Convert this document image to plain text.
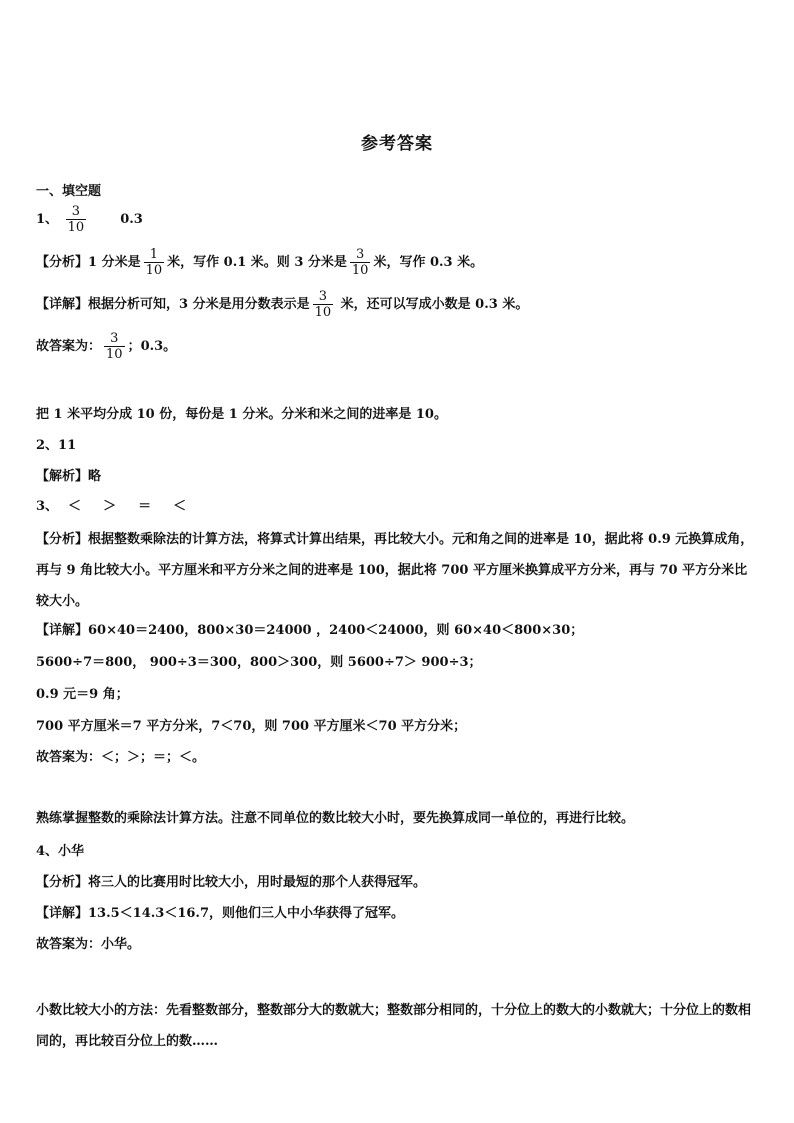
参考答案
一、填空题
1、 $\frac{3}{10}$	0.3
【分析】1 分米是 $\frac{1}{10}$ 米，写作 0.1 米。则 3 分米是 $\frac{3}{10}$ 米，写作 0.3 米。
【详解】根据分析可知，3 分米是用分数表示是 $\frac{3}{10}$ 米，还可以写成小数是 0.3 米。
故答案为： $\frac{3}{10}$ ；0.3。
把 1 米平均分成 10 份，每份是 1 分米。分米和米之间的进率是 10。
2、11
【解析】略
3、 ＜ ＞ ＝ ＜
【分析】根据整数乘除法的计算方法，将算式计算出结果，再比较大小。元和角之间的进率是 10，据此将 0.9 元换算成角，再与 9 角比较大小。平方厘米和平方分米之间的进率是 100，据此将 700 平方厘米换算成平方分米，再与 70 平方分米比较大小。
【详解】60×40＝2400，800×30＝24000 ，2400＜24000，则 60×40＜800×30；
5600÷7＝800， 900÷3＝300，800＞300，则 5600÷7＞ 900÷3；
0.9 元＝9 角；
700 平方厘米＝7 平方分米，7＜70，则 700 平方厘米＜70 平方分米；
故答案为：＜；＞；＝；＜。
熟练掌握整数的乘除法计算方法。注意不同单位的数比较大小时，要先换算成同一单位的，再进行比较。
4、小华
【分析】将三人的比赛用时比较大小，用时最短的那个人获得冠军。
【详解】13.5＜14.3＜16.7，则他们三人中小华获得了冠军。
故答案为：小华。
小数比较大小的方法：先看整数部分，整数部分大的数就大；整数部分相同的，十分位上的数大的小数就大；十分位上的数相同的，再比较百分位上的数……
